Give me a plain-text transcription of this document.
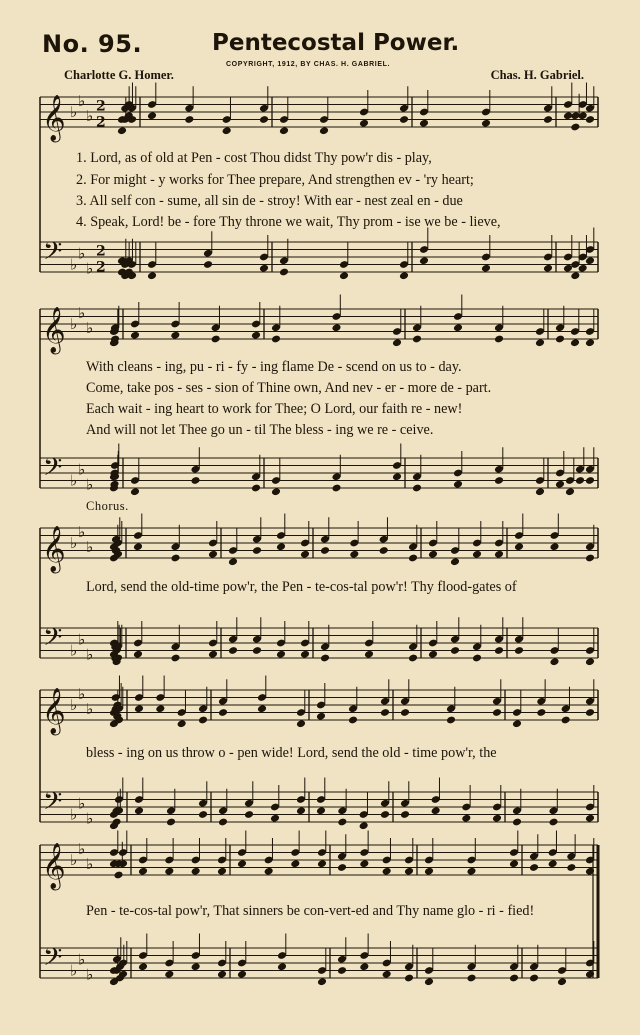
No. 95.	Pentecostal Power.
COPYRIGHT, 1912, BY CHAS. H. GABRIEL.
Charlotte G. Homer.	Chas. H. Gabriel.
𝄞 ♭
♭
♭
2
2
𝄢 ♭
♭
♭
2
2
𝄞 ♭
♭
♭
𝄢 ♭
♭
♭
𝄞 ♭
♭
♭
𝄢 ♭
♭
♭
𝄞 ♭
♭
♭
𝄢 ♭
♭
♭
𝄞 ♭
♭
♭
𝄢 ♭
♭
♭
1. Lord, as of old at Pen - cost Thou didst Thy pow'r dis - play,
2. For might - y works for Thee prepare, And strengthen ev - 'ry heart;
3. All self con - sume, all sin de - stroy! With ear - nest zeal en - due
4. Speak, Lord! be - fore Thy throne we wait, Thy prom - ise we be - lieve,
With cleans - ing, pu - ri - fy - ing flame De - scend on us to - day.
Come, take pos - ses - sion of Thine own, And nev - er - more de - part.
Each wait - ing heart to work for Thee; O Lord, our faith re - new!
And will not let Thee go un - til The bless - ing we re - ceive.
Chorus.
Lord, send the old-time pow'r, the Pen - te-cos-tal pow'r! Thy flood-gates of
bless - ing on us throw o - pen wide! Lord, send the old - time pow'r, the
Pen - te-cos-tal pow'r, That sinners be con-vert-ed and Thy name glo - ri - fied!
